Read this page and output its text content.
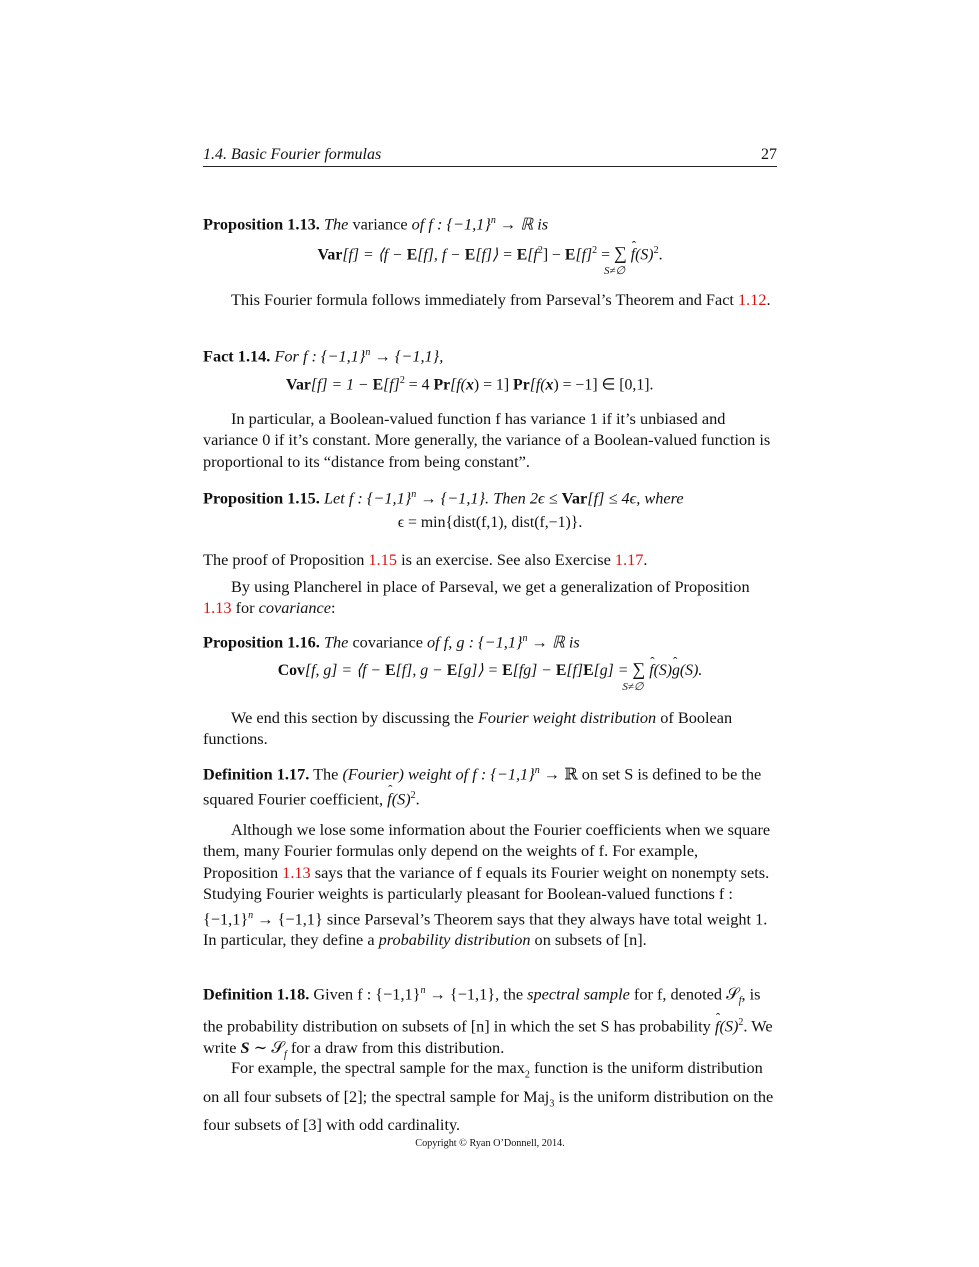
1.4. Basic Fourier formulas	27
Proposition 1.13. The variance of f : $\{-1,1\}^n$ → ℝ is
Var[f] = ⟨f − E[f], f − E[f]⟩ = $E[f^2] - E[f]^2$ = ∑
S≠∅
ˆ $f(S)^2$.
This Fourier formula follows immediately from Parseval’s Theorem and Fact 1.12.
Fact 1.14. For f : $\{-1,1\}^n \to \{-1,1\}$,
$Var[f] = 1 - E[f]^2 = 4$ Pr[f(x) = 1] Pr[f(x) = −1] ∈ [0,1].
In particular, a Boolean-valued function f has variance 1 if it’s unbiased and variance 0 if it’s constant. More generally, the variance of a Boolean-valued function is proportional to its “distance from being constant”.
Proposition 1.15. Let f : $\{-1,1\}^n \to \{-1,1\}$. Then 2ϵ ≤ Var[f] ≤ 4ϵ, where
ϵ = min{dist(f,1), dist(f,−1)}.
The proof of Proposition 1.15 is an exercise. See also Exercise 1.17.
By using Plancherel in place of Parseval, we get a generalization of Proposition 1.13 for covariance:
Proposition 1.16. The covariance of f, g : $\{-1,1\}^n$ → ℝ is
Cov[f, g] = ⟨f − E[f], g − E[g]⟩ = E[fg] − E[f]E[g] = ∑
S≠∅
ˆ f(S)ˆ g(S).
We end this section by discussing the Fourier weight distribution of Boolean functions.
Definition 1.17. The (Fourier) weight of f : $\{-1,1\}^n$ → ℝ on set S is defined to be the squared Fourier coefficient, ˆ $f(S)^2$.
Although we lose some information about the Fourier coefficients when we square them, many Fourier formulas only depend on the weights of f. For example, Proposition 1.13 says that the variance of f equals its Fourier weight on nonempty sets. Studying Fourier weights is particularly pleasant for Boolean-valued functions f : $\{-1,1\}^n \to \{-1,1\}$ since Parseval’s Theorem says that they always have total weight 1. In particular, they define a probability distribution on subsets of [n].
Definition 1.18. Given f : $\{-1,1\}^n \to \{-1,1\}$, the spectral sample for f, denoted 𝒮$_f$, is the probability distribution on subsets of [n] in which the set S has probability ˆ $f(S)^2$. We write S ∼ 𝒮$_f$ for a draw from this distribution.
For example, the spectral sample for the $\max_2$ function is the uniform distribution on all four subsets of [2]; the spectral sample for Maj$_3$ is the uniform distribution on the four subsets of [3] with odd cardinality.
Copyright © Ryan O’Donnell, 2014.
